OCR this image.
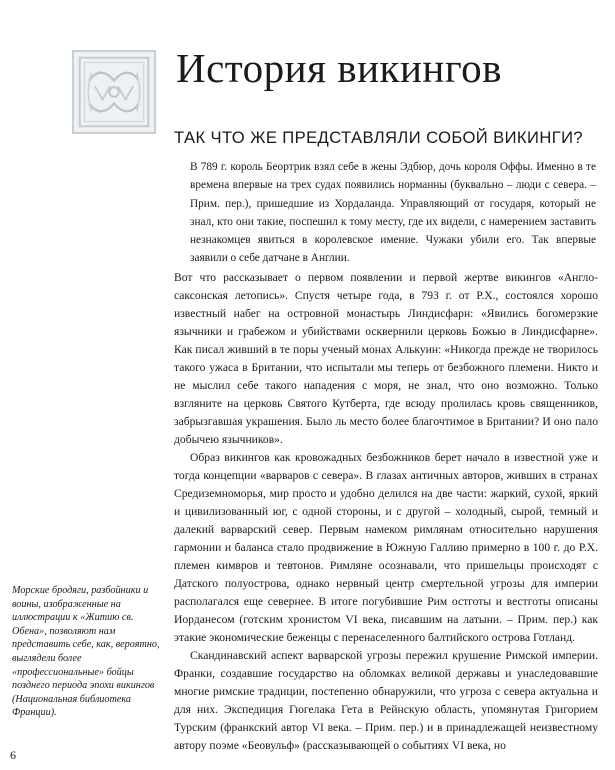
История викингов
ТАК ЧТО ЖЕ ПРЕДСТАВЛЯЛИ СОБОЙ ВИКИНГИ?

В 789 г. король Беортрик взял себе в жены Эдбюр, дочь короля Оффы. Именно в те времена впервые на трех судах появились норманны (буквально – люди с севера. – Прим. пер.), пришедшие из Хордаланда. Управляющий от государя, который не знал, кто они такие, поспешил к тому месту, где их видели, с намерением заставить незнакомцев явиться в королевское имение. Чужаки убили его. Так впервые заявили о себе датчане в Англии.

Вот что рассказывает о первом появлении и первой жертве викингов «Англо-саксонская летопись». Спустя четыре года, в 793 г. от Р.Х., состоялся хорошо известный набег на островной монастырь Линдисфарн: «Явились богомерзкие язычники и грабежом и убийствами осквернили церковь Божью в Линдисфарне». Как писал живший в те поры ученый монах Алькуин: «Никогда прежде не творилось такого ужаса в Британии, что испытали мы теперь от безбожного племени. Никто и не мыслил себе такого нападения с моря, не знал, что оно возможно. Только взгляните на церковь Святого Кутберта, где всюду пролилась кровь священников, забрызгавшая украшения. Было ль место более благочтимое в Британии? И оно пало добычею язычников».

Образ викингов как кровожадных безбожников берет начало в известной уже и тогда концепции «варваров с севера». В глазах античных авторов, живших в странах Средиземноморья, мир просто и удобно делился на две части: жаркий, сухой, яркий и цивилизованный юг, с одной стороны, и с другой – холодный, сырой, темный и далекий варварский север. Первым намеком римлянам относительно нарушения гармонии и баланса стало продвижение в Южную Галлию примерно в 100 г. до Р.Х. племен кимвров и тевтонов. Римляне осознавали, что пришельцы происходят с Датского полуострова, однако нервный центр смертельной угрозы для империи располагался еще севернее. В итоге погубившие Рим остготы и вестготы описаны Иорданесом (готским хронистом VI века, писавшим на латыни. – Прим. пер.) как этакие экономические беженцы с перенаселенного балтийского острова Готланд.

Скандинавский аспект варварской угрозы пережил крушение Римской империи. Франки, создавшие государство на обломках великой державы и унаследовавшие многие римские традиции, постепенно обнаружили, что угроза с севера актуальна и для них. Экспедиция Гюгелака Гета в Рейнскую область, упомянутая Григорием Турским (франкский автор VI века. – Прим. пер.) и в принадлежащей неизвестному автору поэме «Беовульф» (рассказывающей о событиях VI века, но

Морские бродяги, разбойники и воины, изображенные на иллюстрации к «Житию св. Обена», позволяют нам представить себе, как, вероятно, выглядели более «профессиональные» бойцы позднего периода эпохи викингов (Национальная библиотека Франции).

6
